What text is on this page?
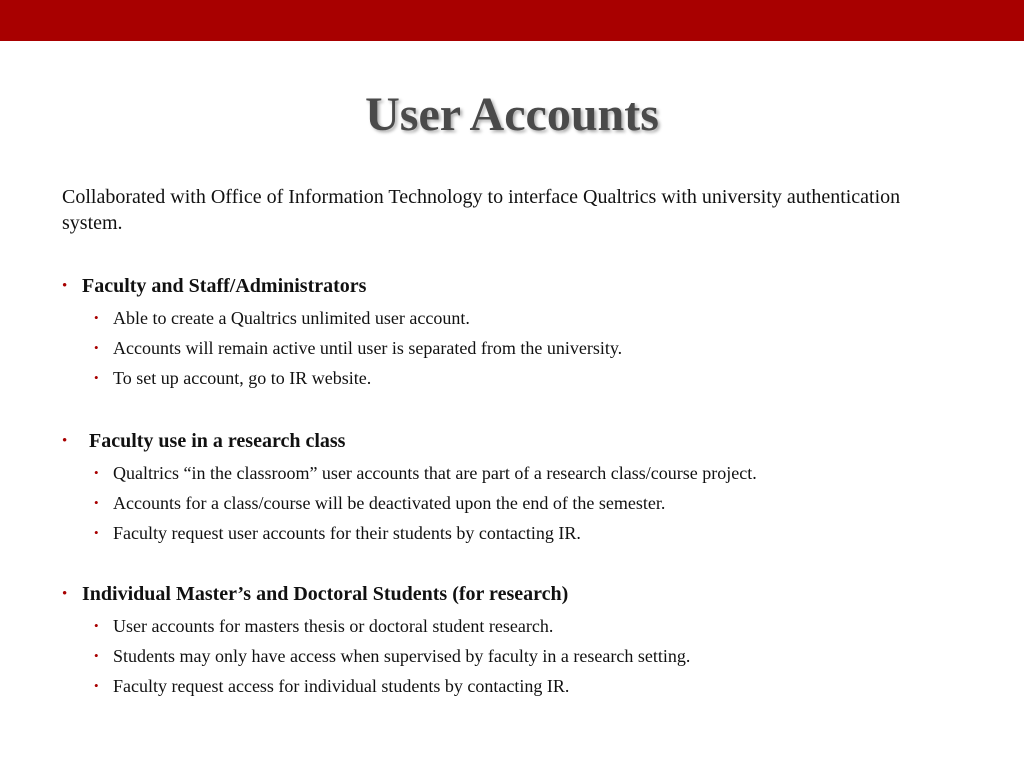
User Accounts
Collaborated with Office of Information Technology to interface Qualtrics with university authentication system.
• Faculty and Staff/Administrators
• Able to create a Qualtrics unlimited user account.
• Accounts will remain active until user is separated from the university.
• To set up account, go to IR website.
• Faculty use in a research class
• Qualtrics “in the classroom” user accounts that are part of a research class/course project.
• Accounts for a class/course will be deactivated upon the end of the semester.
• Faculty request user accounts for their students by contacting IR.
• Individual Master’s and Doctoral Students (for research)
• User accounts for masters thesis or doctoral student research.
• Students may only have access when supervised by faculty in a research setting.
• Faculty request access for individual students by contacting IR.
